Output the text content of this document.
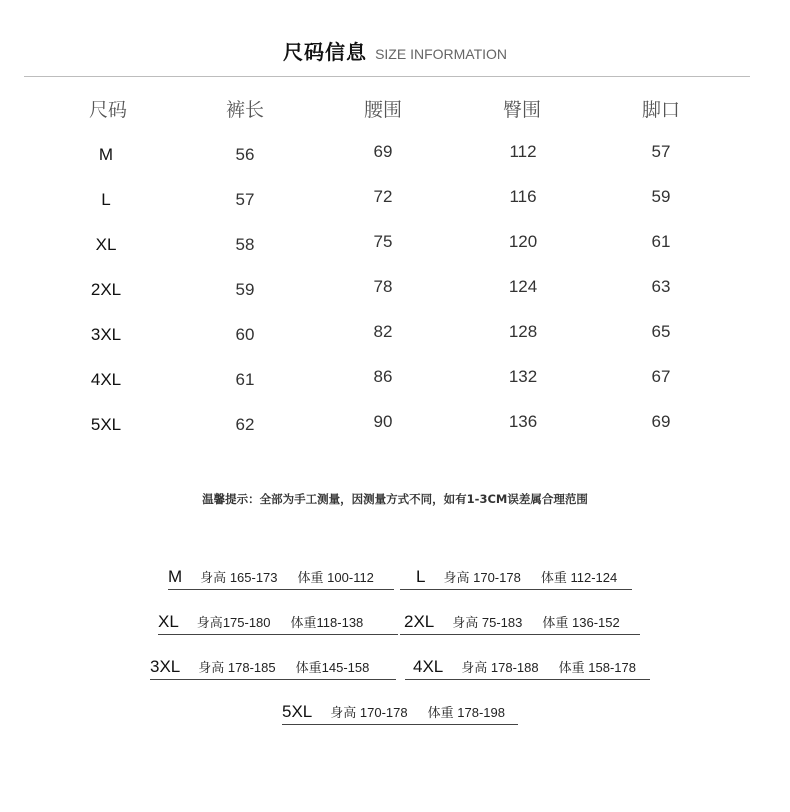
尺码信息 SIZE INFORMATION
尺码	裤长	腰围	臀围	脚口
M	56	69	112	57
L	57	72	116	59
XL	58	75	120	61
2XL	59	78	124	63
3XL	60	82	128	65
4XL	61	86	132	67
5XL	62	90	136	69
温馨提示：全部为手工测量，因测量方式不同，如有1-3CM误差属合理范围
M 身高 165-173 体重 100-112	L 身高 170-178 体重 112-124
XL 身高175-180 体重118-138	2XL 身高 75-183 体重 136-152
3XL 身高 178-185 体重145-158	4XL 身高 178-188 体重 158-178
5XL 身高 170-178 体重 178-198
